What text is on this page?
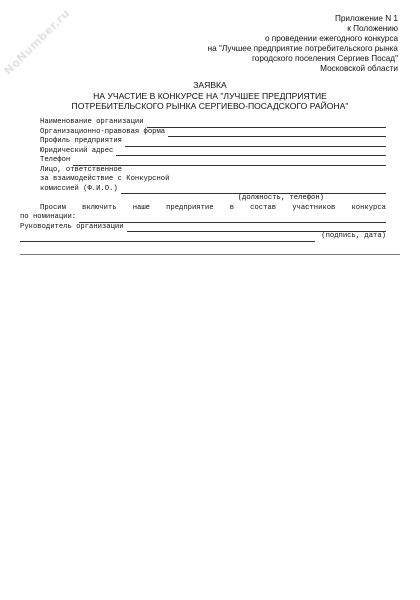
NoNumber.ru	Приложение N 1
к Положению
о проведении ежегодного конкурса
на "Лучшее предприятие потребительского рынка
городского поселения Сергиев Посад"
Московской области
ЗАЯВКА
НА УЧАСТИЕ В КОНКУРСЕ НА "ЛУЧШЕЕ ПРЕДПРИЯТИЕ
ПОТРЕБИТЕЛЬСКОГО РЫНКА СЕРГИЕВО-ПОСАДСКОГО РАЙОНА"
Наименование организации
Организационно-правовая форма
Профиль предприятия
Юридический адрес
Телефон
Лицо, ответственное
за взаимодействие с Конкурсной
комиссией (Ф.И.О.)
(должность, телефон)
Просим включить наше предприятие в состав участников конкурса
по номинации:
Руководитель организации
(подпись, дата)
